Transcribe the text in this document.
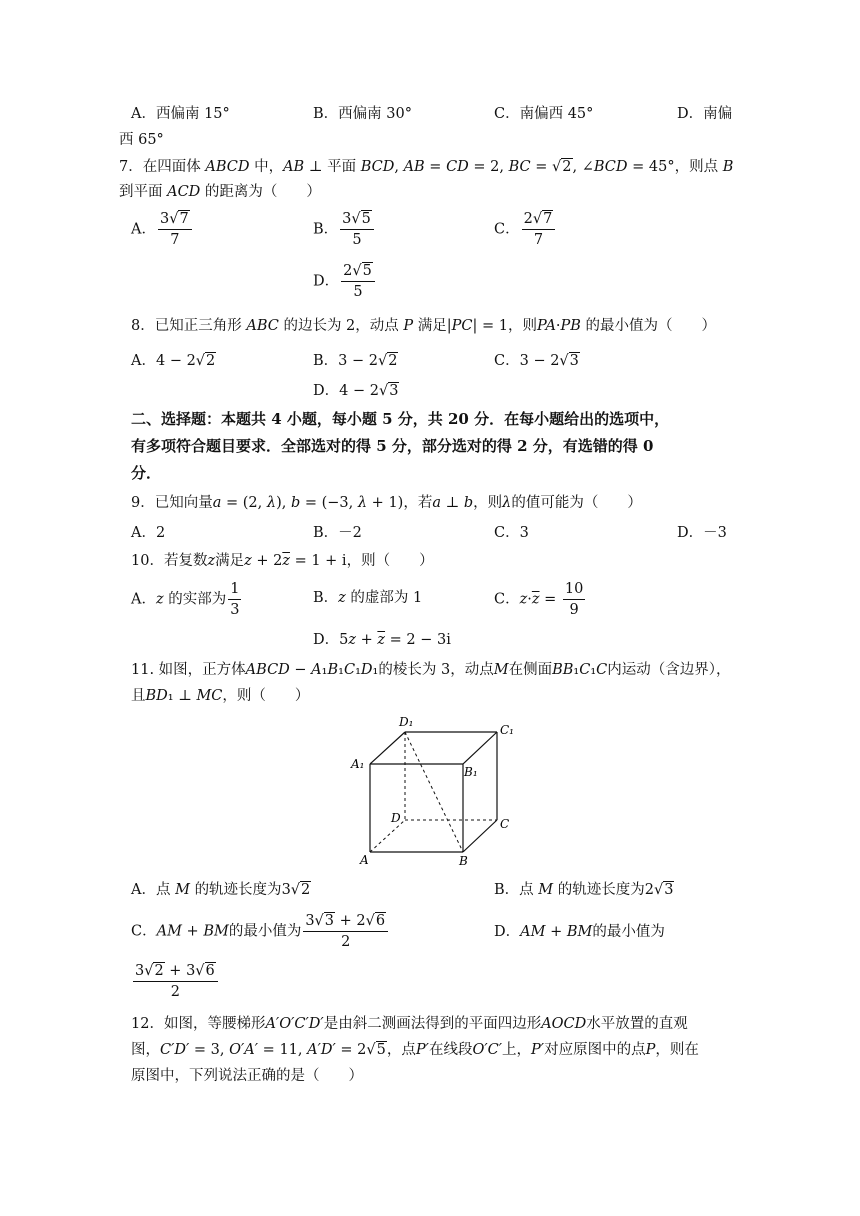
A．西偏南 15°	B．西偏南 30°	C．南偏西 45°	D．南偏
西 65°
7．在四面体 ABCD 中，AB ⊥ 平面 BCD, AB = CD = 2, BC = √2, ∠BCD = 45°，则点 B
到平面 ACD 的距离为（　　）
A． $\frac{3√7}{7}$	B． $\frac{3√5}{5}$	C． $\frac{2√7}{7}$
D． $\frac{2√5}{5}$
8．已知正三角形 ABC 的边长为 2，动点 P 满足|PC| = 1，则PA·PB 的最小值为（　　）
A．4 − 2√2	B．3 − 2√2	C．3 − 2√3
D．4 − 2√3
二、选择题：本题共 4 小题，每小题 5 分，共 20 分．在每小题给出的选项中，
有多项符合题目要求．全部选对的得 5 分，部分选对的得 2 分，有选错的得 0
分．
9．已知向量a = (2, λ), b = (−3, λ + 1)，若a ⊥ b，则λ的值可能为（　　）
A．2	B．－2	C．3	D．－3
10．若复数z满足$z + 2\overline{z} = 1 + i$，则（　　）
A．z 的实部为 $\frac{1}{3}$	B．z 的虚部为 1	C．$z\cdot\overline{z} = \frac{10}{9}$
D．$5z + \overline{z} = 2 - 3i$
11. 如图，正方体ABCD − A₁B₁C₁D₁的棱长为 3，动点M在侧面BB₁C₁C内运动（含边界），
且BD₁ ⊥ MC，则（　　）
D₁
C₁
A₁
B₁
D	C
A	B
A．点 M 的轨迹长度为3√2	B．点 M 的轨迹长度为2√3
C．AM + BM的最小值为 $\frac{3√3 + 2√6}{2}$	D．AM + BM的最小值为
$\frac{3√2 + 3√6}{2}$
12．如图，等腰梯形A′O′C′D′是由斜二测画法得到的平面四边形AOCD水平放置的直观
图，C′D′ = 3, O′A′ = 11, A′D′ = 2√5，点P′在线段O′C′上，P′对应原图中的点P，则在
原图中，下列说法正确的是（　　）
